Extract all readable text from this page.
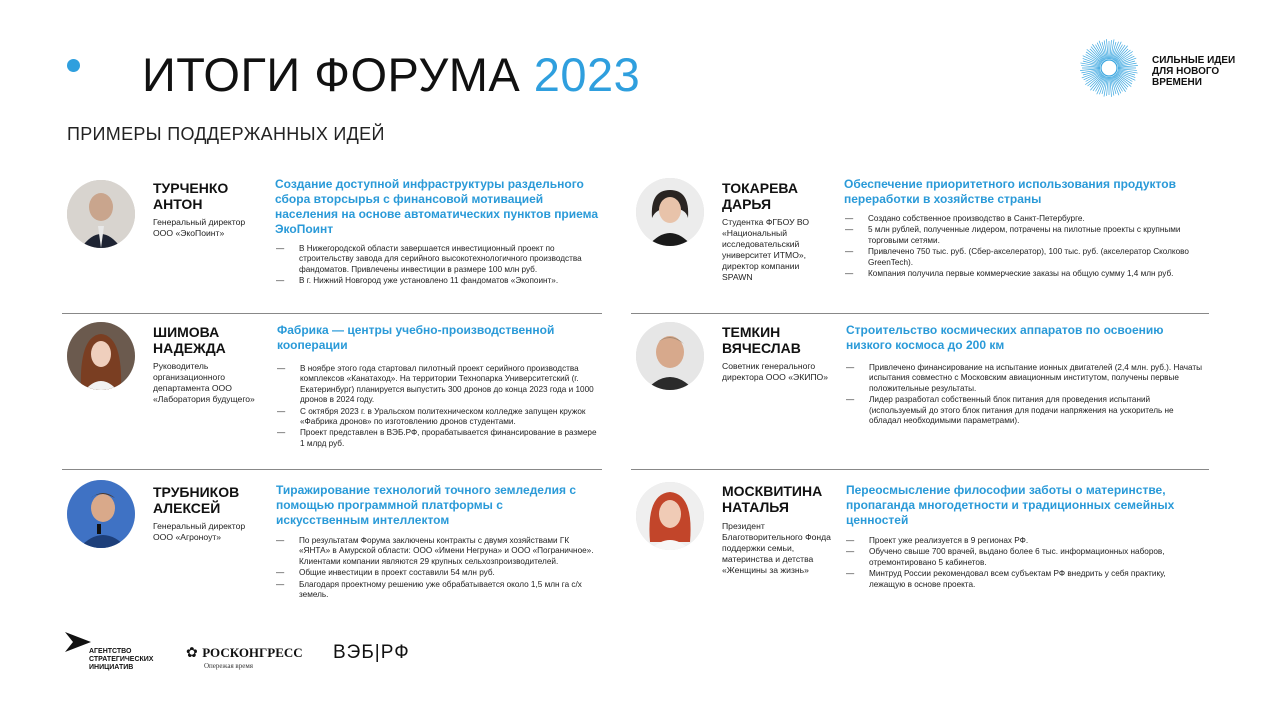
ИТОГИ ФОРУМА 2023
ПРИМЕРЫ ПОДДЕРЖАННЫХ ИДЕЙ
СИЛЬНЫЕ ИДЕИ
ДЛЯ НОВОГО
ВРЕМЕНИ
ТУРЧЕНКО
АНТОН
Генеральный директор ООО «ЭкоПоинт»
Создание доступной инфраструктуры раздельного сбора вторсырья с финансовой мотивацией населения на основе автоматических пунктов приема ЭкоПоинт
— В Нижегородской области завершается инвестиционный проект по строительству завода для серийного высокотехнологичного производства фандоматов. Привлечены инвестиции в размере 100 млн руб.
— В г. Нижний Новгород уже установлено 11 фандоматов «Экопоинт».
ТОКАРЕВА
ДАРЬЯ
Студентка ФГБОУ ВО «Национальный исследовательский университет ИТМО», директор компании SPAWN
Обеспечение приоритетного использования продуктов переработки в хозяйстве страны
— Создано собственное производство в Санкт-Петербурге.
— 5 млн рублей, полученные лидером, потрачены на пилотные проекты с крупными торговыми сетями.
— Привлечено 750 тыс. руб. (Сбер-акселератор), 100 тыс. руб. (акселератор Сколково GreenTech).
— Компания получила первые коммерческие заказы на общую сумму 1,4 млн руб.
ШИМОВА
НАДЕЖДА
Руководитель организационного департамента ООО «Лаборатория будущего»
Фабрика — центры учебно-производственной кооперации
— В ноябре этого года стартовал пилотный проект серийного производства комплексов «Канатаход». На территории Технопарка Университетский (г. Екатеринбург) планируется выпустить 300 дронов до конца 2023 года и 1000 дронов в 2024 году.
— С октября 2023 г. в Уральском политехническом колледже запущен кружок «Фабрика дронов» по изготовлению дронов студентами.
— Проект представлен в ВЭБ.РФ, прорабатывается финансирование в размере 1 млрд руб.
ТЕМКИН
ВЯЧЕСЛАВ
Советник генерального директора ООО «ЭКИПО»
Строительство космических аппаратов по освоению низкого космоса до 200 км
— Привлечено финансирование на испытание ионных двигателей (2,4 млн. руб.). Начаты испытания совместно с Московским авиационным институтом, получены первые положительные результаты.
— Лидер разработал собственный блок питания для проведения испытаний (используемый до этого блок питания для подачи напряжения на ускоритель не обладал необходимыми параметрами).
ТРУБНИКОВ
АЛЕКСЕЙ
Генеральный директор ООО «Агроноут»
Тиражирование технологий точного земледелия с помощью программной платформы с искусственным интеллектом
— По результатам Форума заключены контракты с двумя хозяйствами ГК «ЯНТА» в Амурской области: ООО «Имени Негруна» и ООО «Пограничное». Клиентами компании являются 29 крупных сельхозпроизводителей.
— Общие инвестиции в проект составили 54 млн руб.
— Благодаря проектному решению уже обрабатывается около 1,5 млн га с/х земель.
МОСКВИТИНА
НАТАЛЬЯ
Президент Благотворительного Фонда поддержки семьи, материнства и детства «Женщины за жизнь»
Переосмысление философии заботы о материнстве, пропаганда многодетности и традиционных семейных ценностей
— Проект уже реализуется в 9 регионах РФ.
— Обучено свыше 700 врачей, выдано более 6 тыс. информационных наборов, отремонтировано 5 кабинетов.
— Минтруд России рекомендовал всем субъектам РФ внедрить у себя практику, лежащую в основе проекта.
АГЕНТСТВО
СТРАТЕГИЧЕСКИХ
ИНИЦИАТИВ
✿ РОСКОНГРЕСС
Опережая время
ВЭБ|РФ
